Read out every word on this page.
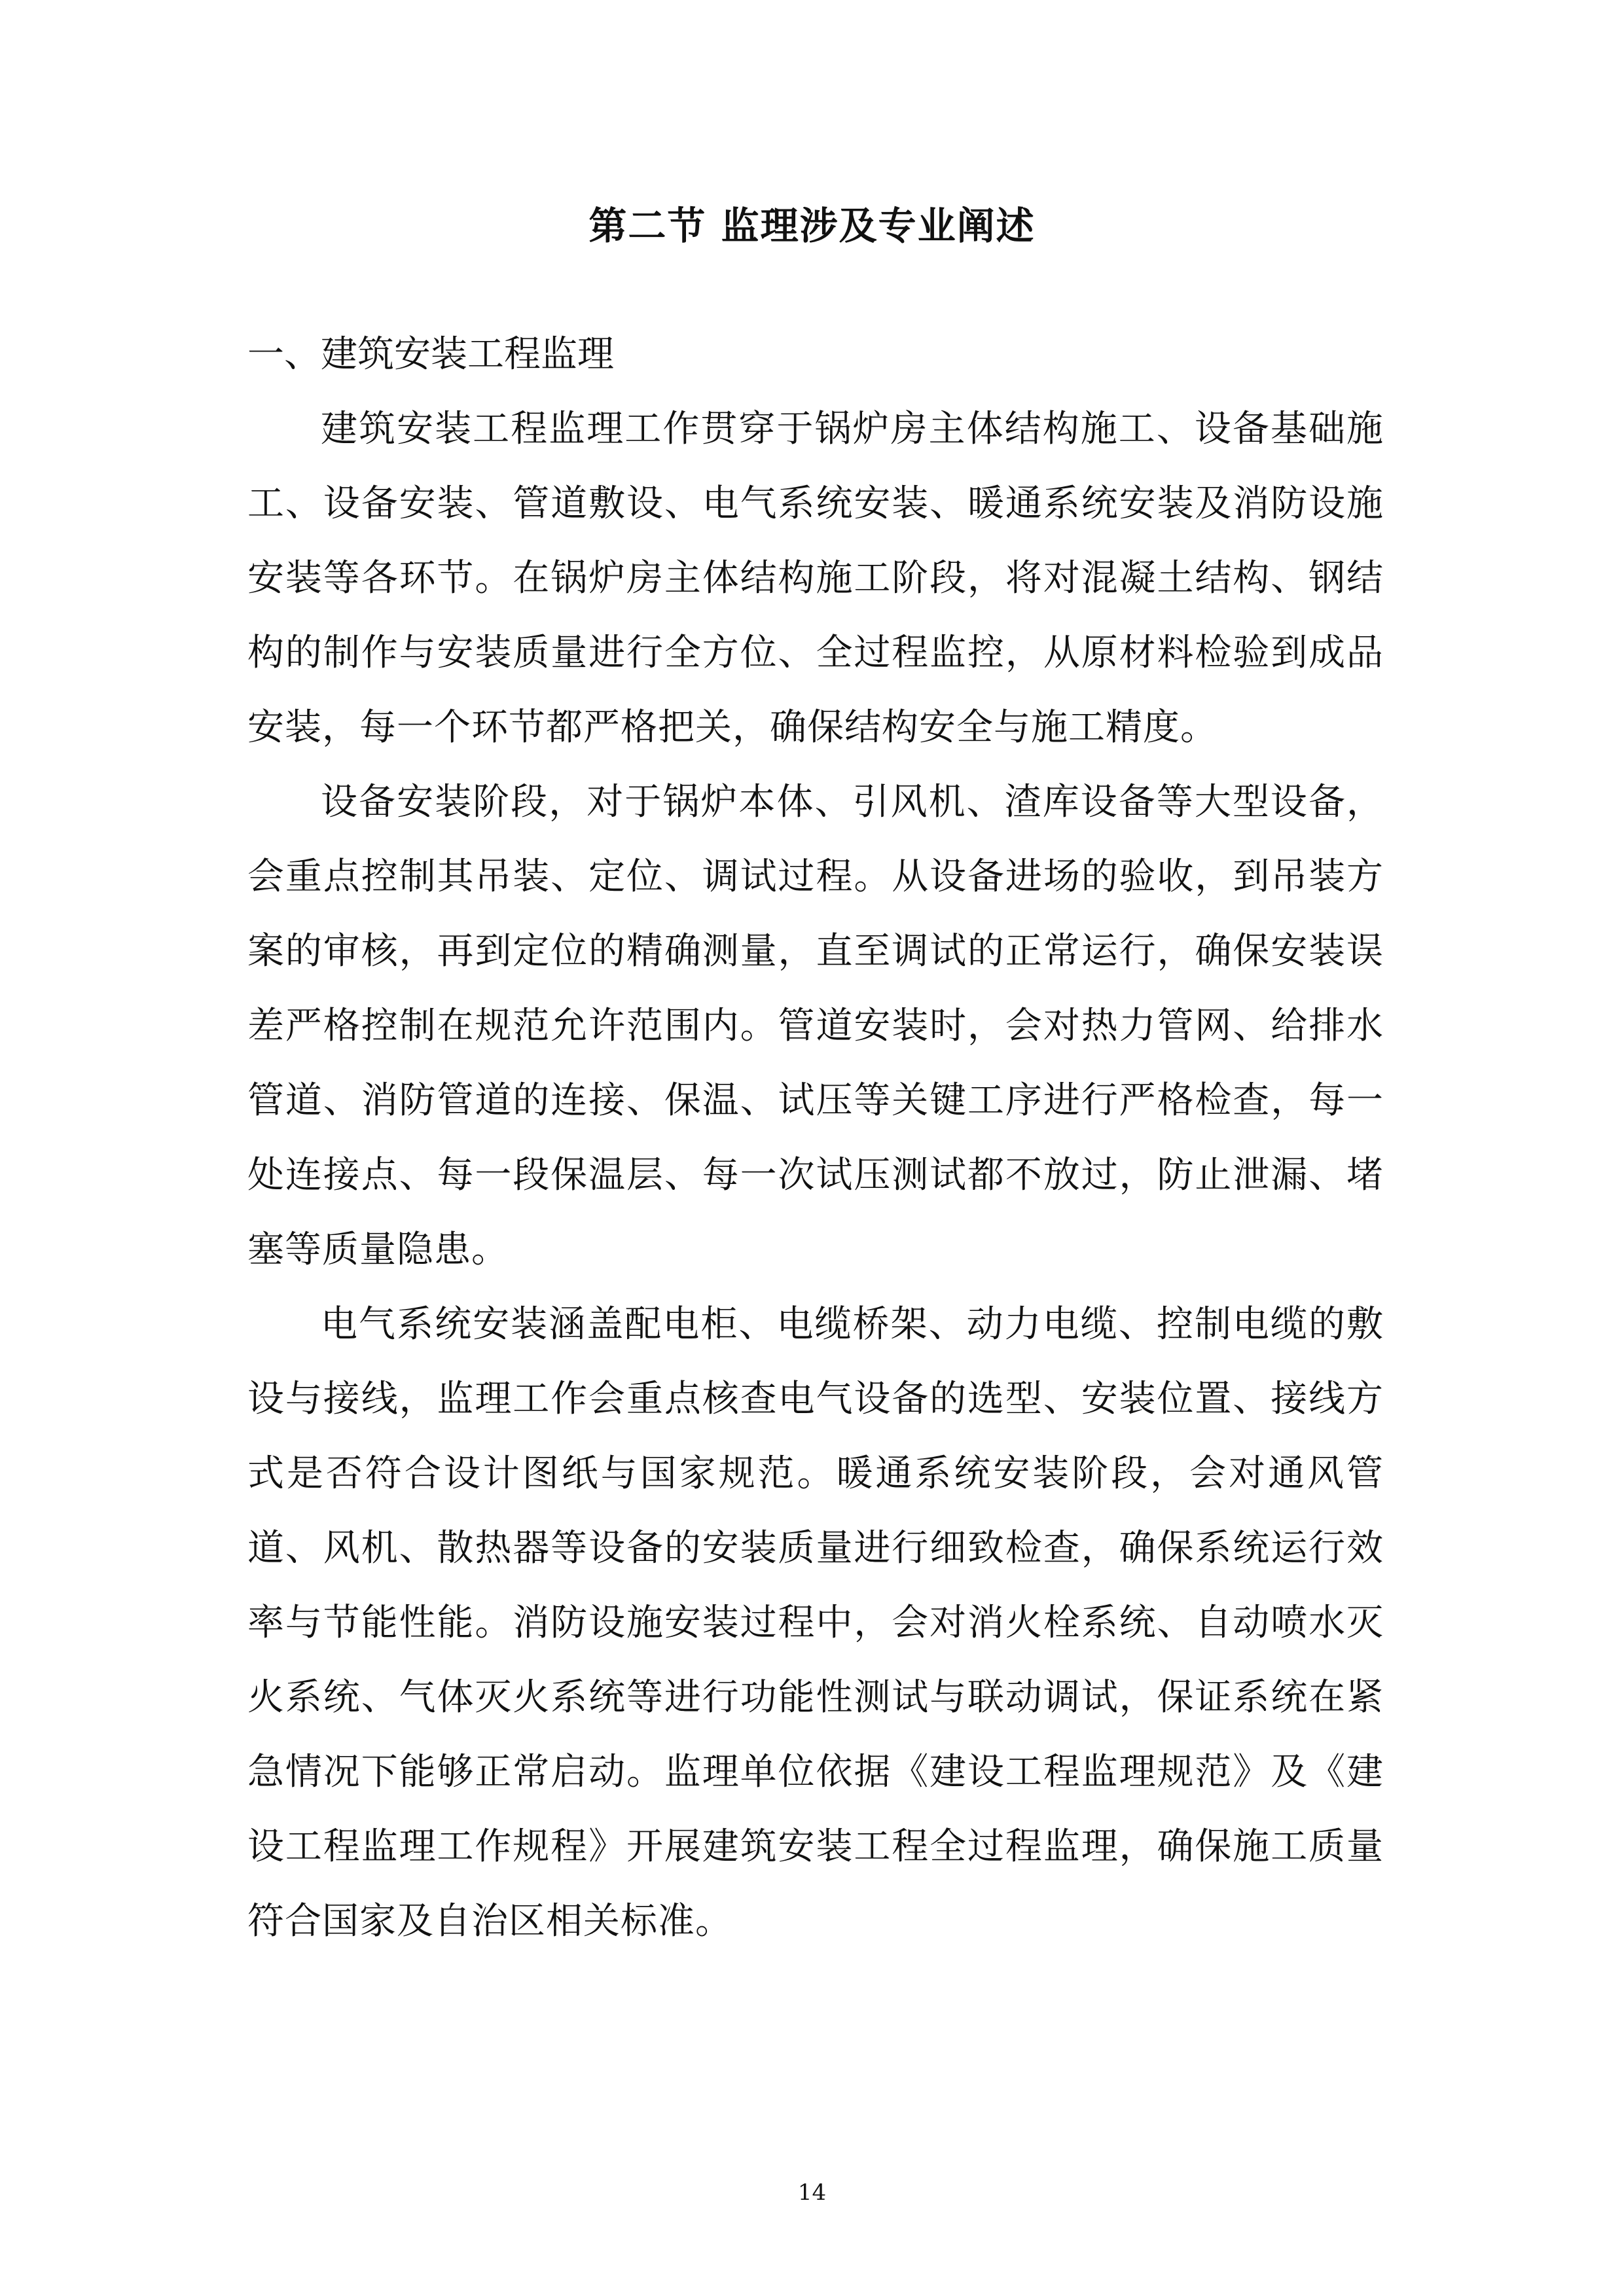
第二节 监理涉及专业阐述

一、建筑安装工程监理

建筑安装工程监理工作贯穿于锅炉房主体结构施工、设备基础施工、设备安装、管道敷设、电气系统安装、暖通系统安装及消防设施安装等各环节。在锅炉房主体结构施工阶段，将对混凝土结构、钢结构的制作与安装质量进行全方位、全过程监控，从原材料检验到成品安装，每一个环节都严格把关，确保结构安全与施工精度。

设备安装阶段，对于锅炉本体、引风机、渣库设备等大型设备，会重点控制其吊装、定位、调试过程。从设备进场的验收，到吊装方案的审核，再到定位的精确测量，直至调试的正常运行，确保安装误差严格控制在规范允许范围内。管道安装时，会对热力管网、给排水管道、消防管道的连接、保温、试压等关键工序进行严格检查，每一处连接点、每一段保温层、每一次试压测试都不放过，防止泄漏、堵塞等质量隐患。

电气系统安装涵盖配电柜、电缆桥架、动力电缆、控制电缆的敷设与接线，监理工作会重点核查电气设备的选型、安装位置、接线方式是否符合设计图纸与国家规范。暖通系统安装阶段，会对通风管道、风机、散热器等设备的安装质量进行细致检查，确保系统运行效率与节能性能。消防设施安装过程中，会对消火栓系统、自动喷水灭火系统、气体灭火系统等进行功能性测试与联动调试，保证系统在紧急情况下能够正常启动。监理单位依据《建设工程监理规范》及《建设工程监理工作规程》开展建筑安装工程全过程监理，确保施工质量符合国家及自治区相关标准。

14
